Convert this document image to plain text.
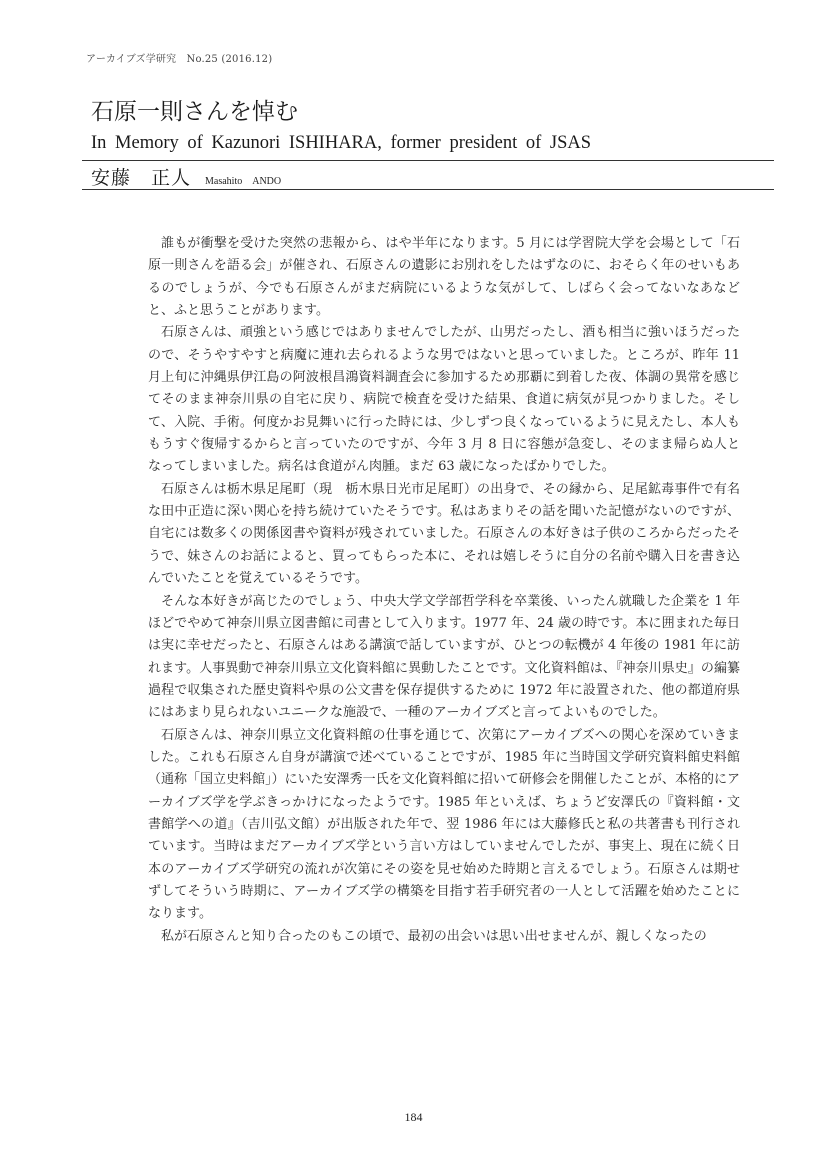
アーカイブズ学研究　No.25 (2016.12)
石原一則さんを悼む
In Memory of Kazunori ISHIHARA, former president of JSAS
安藤　正人 Masahito　ANDO

誰もが衝撃を受けた突然の悲報から、はや半年になります。5 月には学習院大学を会場として「石原一則さんを語る会」が催され、石原さんの遺影にお別れをしたはずなのに、おそらく年のせいもあるのでしょうが、今でも石原さんがまだ病院にいるような気がして、しばらく会ってないなあなどと、ふと思うことがあります。

石原さんは、頑強という感じではありませんでしたが、山男だったし、酒も相当に強いほうだったので、そうやすやすと病魔に連れ去られるような男ではないと思っていました。ところが、昨年 11 月上旬に沖縄県伊江島の阿波根昌鴻資料調査会に参加するため那覇に到着した夜、体調の異常を感じてそのまま神奈川県の自宅に戻り、病院で検査を受けた結果、食道に病気が見つかりました。そして、入院、手術。何度かお見舞いに行った時には、少しずつ良くなっているように見えたし、本人ももうすぐ復帰するからと言っていたのですが、今年 3 月 8 日に容態が急変し、そのまま帰らぬ人となってしまいました。病名は食道がん肉腫。まだ 63 歳になったばかりでした。

石原さんは栃木県足尾町（現　栃木県日光市足尾町）の出身で、その縁から、足尾鉱毒事件で有名な田中正造に深い関心を持ち続けていたそうです。私はあまりその話を聞いた記憶がないのですが、自宅には数多くの関係図書や資料が残されていました。石原さんの本好きは子供のころからだったそうで、妹さんのお話によると、買ってもらった本に、それは嬉しそうに自分の名前や購入日を書き込んでいたことを覚えているそうです。

そんな本好きが高じたのでしょう、中央大学文学部哲学科を卒業後、いったん就職した企業を 1 年ほどでやめて神奈川県立図書館に司書として入ります。1977 年、24 歳の時です。本に囲まれた毎日は実に幸せだったと、石原さんはある講演で話していますが、ひとつの転機が 4 年後の 1981 年に訪れます。人事異動で神奈川県立文化資料館に異動したことです。文化資料館は、『神奈川県史』の編纂過程で収集された歴史資料や県の公文書を保存提供するために 1972 年に設置された、他の都道府県にはあまり見られないユニークな施設で、一種のアーカイブズと言ってよいものでした。

石原さんは、神奈川県立文化資料館の仕事を通じて、次第にアーカイブズへの関心を深めていきました。これも石原さん自身が講演で述べていることですが、1985 年に当時国文学研究資料館史料館（通称「国立史料館」）にいた安澤秀一氏を文化資料館に招いて研修会を開催したことが、本格的にアーカイブズ学を学ぶきっかけになったようです。1985 年といえば、ちょうど安澤氏の『資料館・文書館学への道』（吉川弘文館）が出版された年で、翌 1986 年には大藤修氏と私の共著書も刊行されています。当時はまだアーカイブズ学という言い方はしていませんでしたが、事実上、現在に続く日本のアーカイブズ学研究の流れが次第にその姿を見せ始めた時期と言えるでしょう。石原さんは期せずしてそういう時期に、アーカイブズ学の構築を目指す若手研究者の一人として活躍を始めたことになります。

私が石原さんと知り合ったのもこの頃で、最初の出会いは思い出せませんが、親しくなったの

184
